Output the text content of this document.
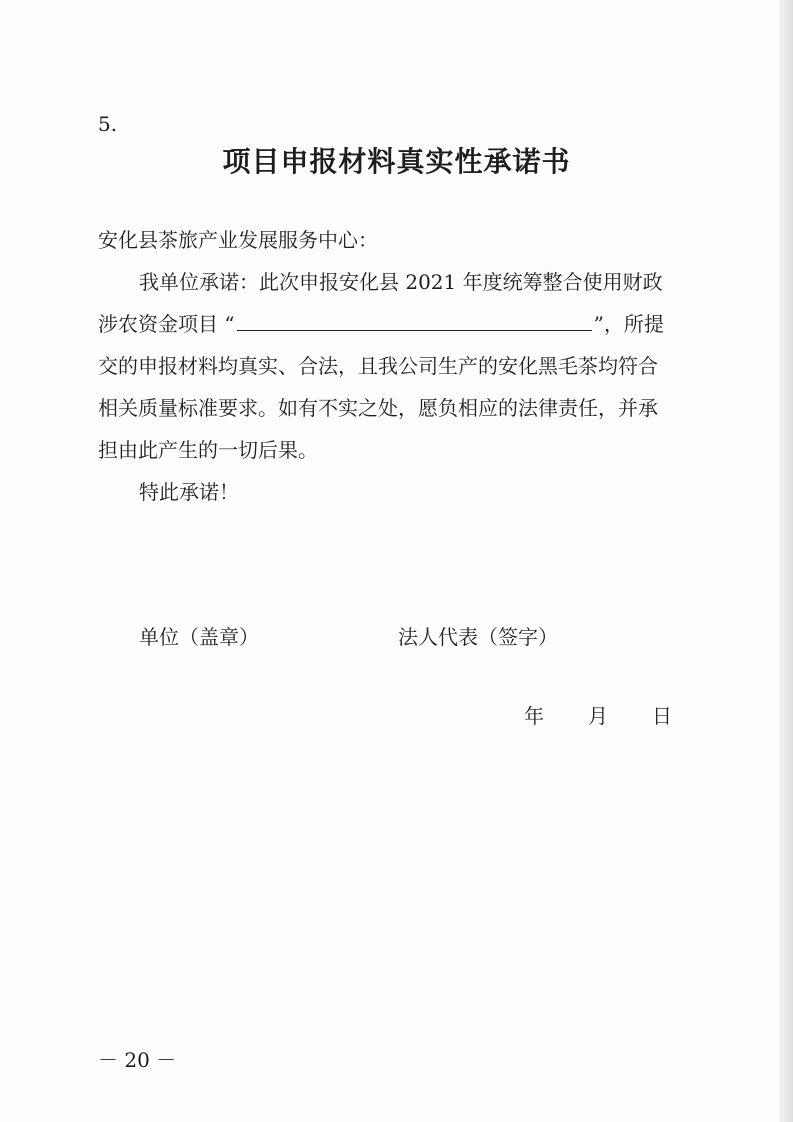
5.
项目申报材料真实性承诺书
安化县茶旅产业发展服务中心：
我单位承诺：此次申报安化县 2021 年度统筹整合使用财政
涉农资金项目 “	”，所提
交的申报材料均真实、合法，且我公司生产的安化黑毛茶均符合
相关质量标准要求。如有不实之处，愿负相应的法律责任，并承
担由此产生的一切后果。
特此承诺！
单位（盖章）	法人代表（签字）
年 月 日
－ 20 －
